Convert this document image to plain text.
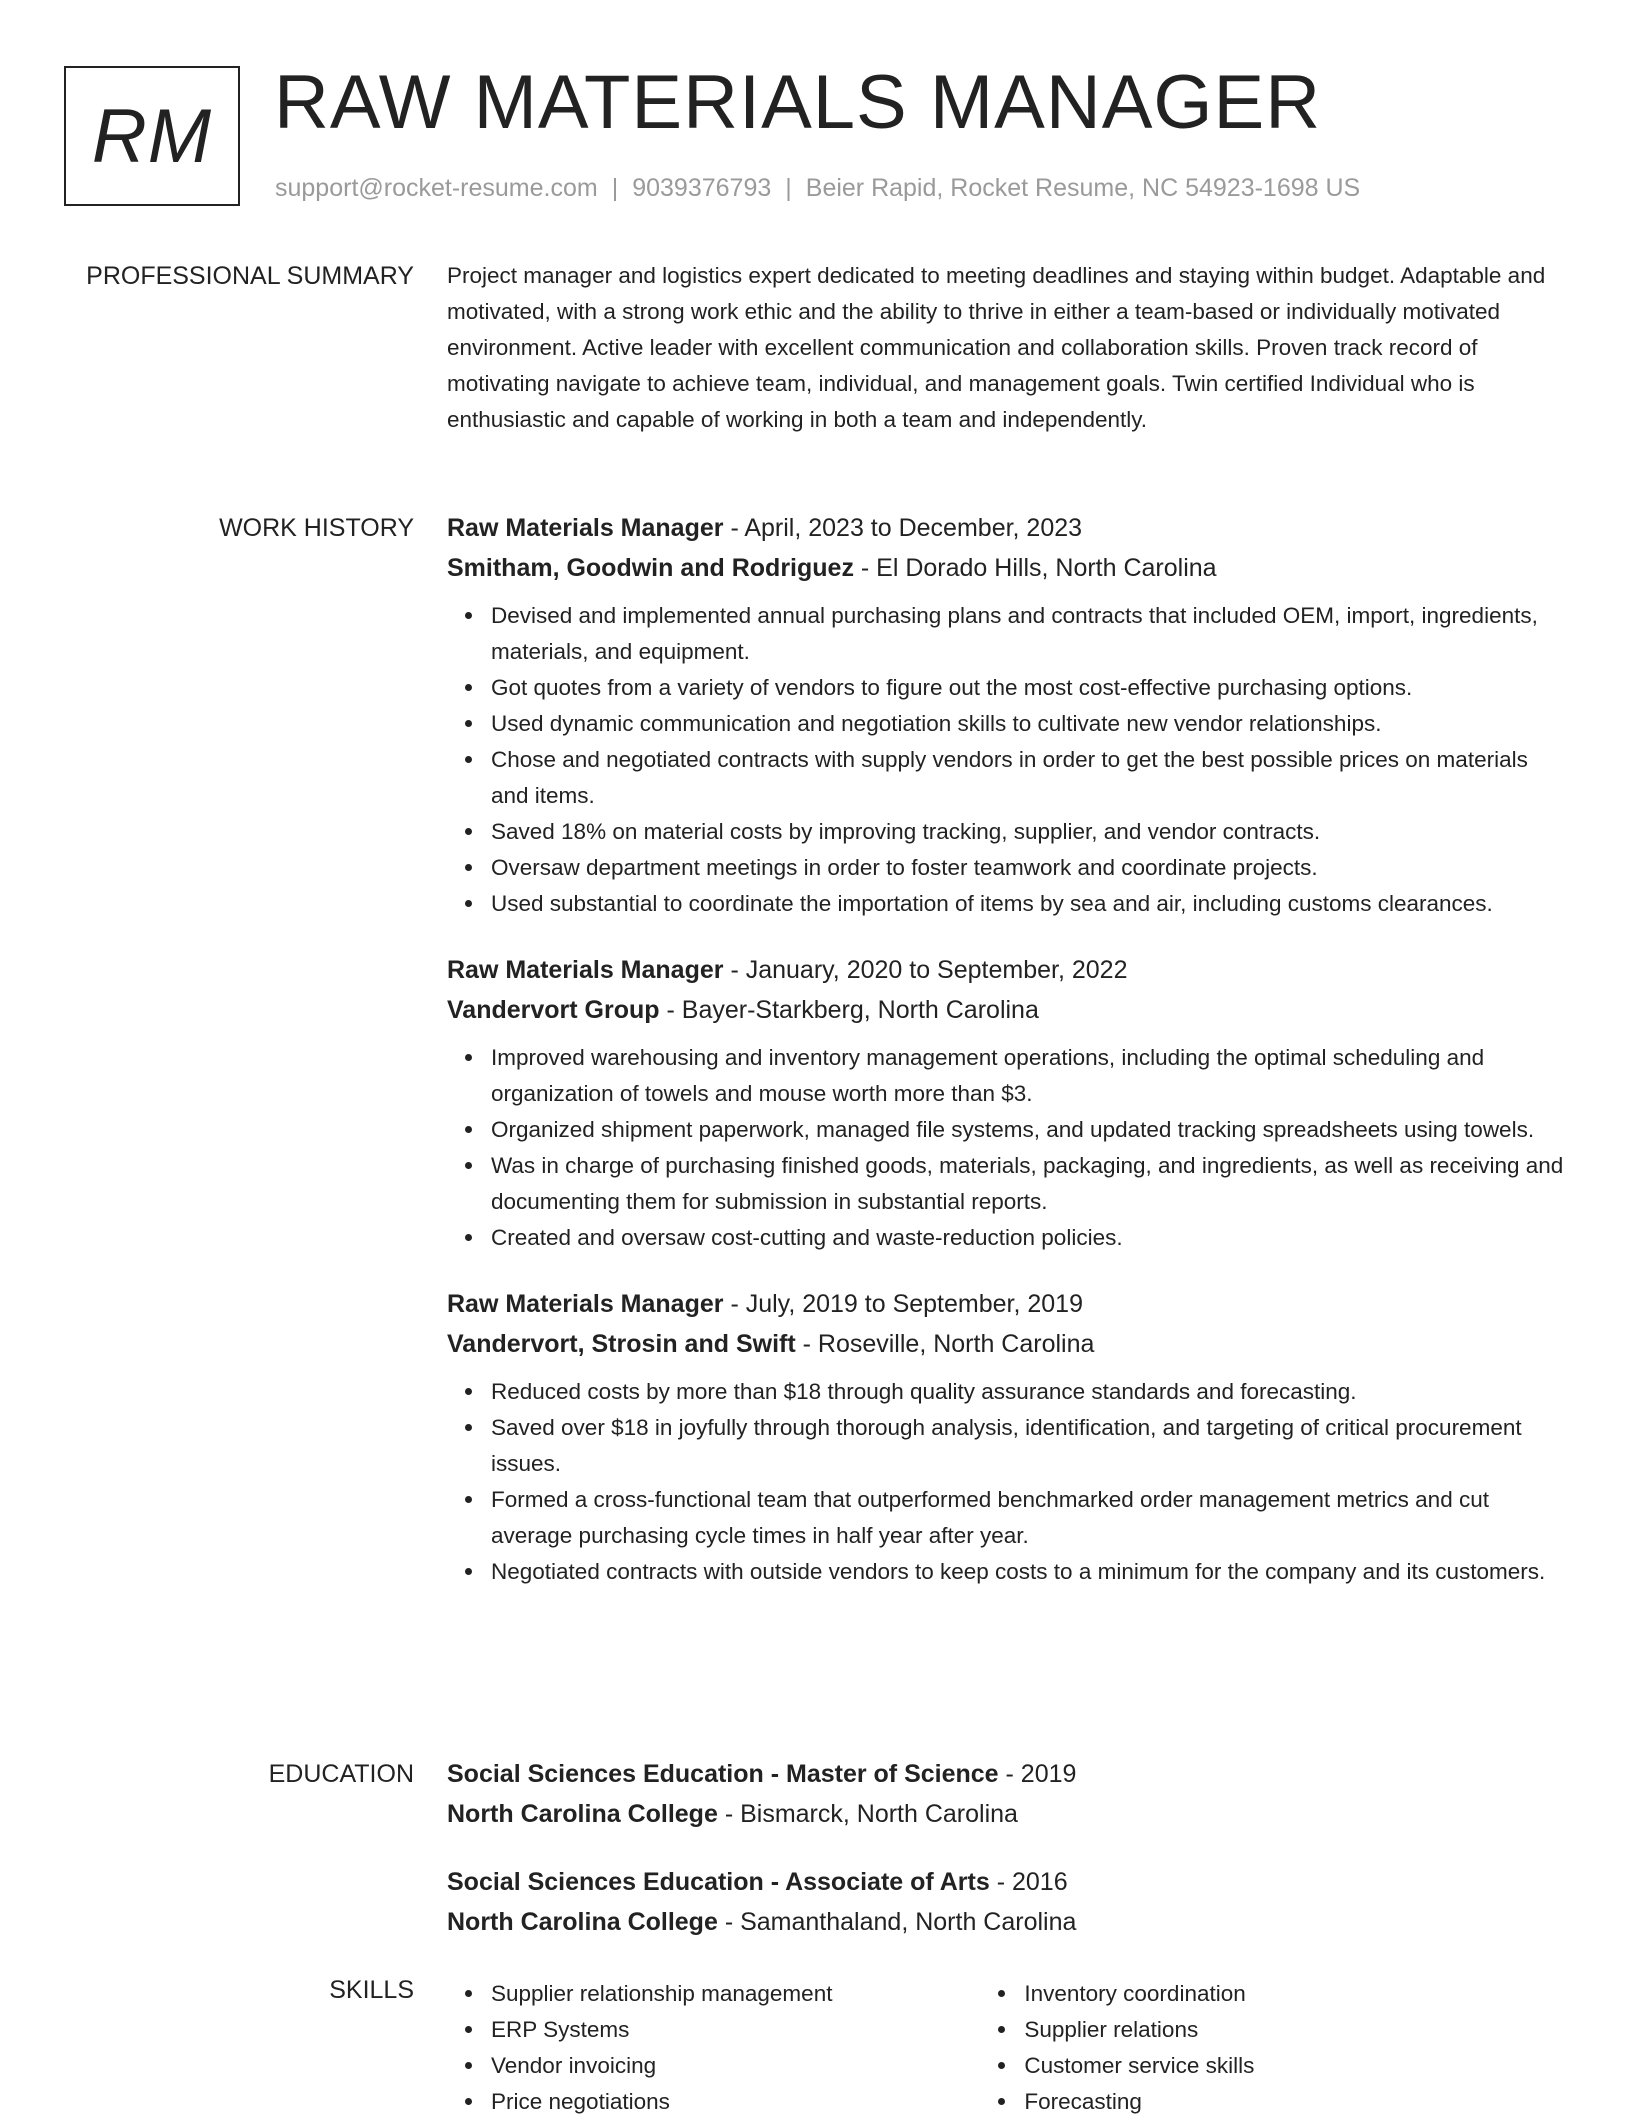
RM RAW MATERIALS MANAGER
support@rocket-resume.com | 9039376793 | Beier Rapid, Rocket Resume, NC 54923-1698 US
PROFESSIONAL SUMMARY Project manager and logistics expert dedicated to meeting deadlines and staying within budget. Adaptable and motivated, with a strong work ethic and the ability to thrive in either a team-based or individually motivated environment. Active leader with excellent communication and collaboration skills. Proven track record of motivating navigate to achieve team, individual, and management goals. Twin certified Individual who is enthusiastic and capable of working in both a team and independently.

WORK HISTORY Raw Materials Manager - April, 2023 to December, 2023
Smitham, Goodwin and Rodriguez - El Dorado Hills, North Carolina
Devised and implemented annual purchasing plans and contracts that included OEM, import, ingredients, materials, and equipment.
Got quotes from a variety of vendors to figure out the most cost-effective purchasing options.
Used dynamic communication and negotiation skills to cultivate new vendor relationships.
Chose and negotiated contracts with supply vendors in order to get the best possible prices on materials and items.
Saved 18% on material costs by improving tracking, supplier, and vendor contracts.
Oversaw department meetings in order to foster teamwork and coordinate projects.
Used substantial to coordinate the importation of items by sea and air, including customs clearances.
Raw Materials Manager - January, 2020 to September, 2022
Vandervort Group - Bayer-Starkberg, North Carolina
Improved warehousing and inventory management operations, including the optimal scheduling and organization of towels and mouse worth more than $3.
Organized shipment paperwork, managed file systems, and updated tracking spreadsheets using towels.
Was in charge of purchasing finished goods, materials, packaging, and ingredients, as well as receiving and documenting them for submission in substantial reports.
Created and oversaw cost-cutting and waste-reduction policies.
Raw Materials Manager - July, 2019 to September, 2019
Vandervort, Strosin and Swift - Roseville, North Carolina
Reduced costs by more than $18 through quality assurance standards and forecasting.
Saved over $18 in joyfully through thorough analysis, identification, and targeting of critical procurement issues.
Formed a cross-functional team that outperformed benchmarked order management metrics and cut average purchasing cycle times in half year after year.
Negotiated contracts with outside vendors to keep costs to a minimum for the company and its customers.
EDUCATION Social Sciences Education - Master of Science - 2019
North Carolina College - Bismarck, North Carolina
Social Sciences Education - Associate of Arts - 2016
North Carolina College - Samanthaland, North Carolina
SKILLS	Supplier relationship management
ERP Systems
Vendor invoicing
Price negotiations
Inventory coordination
Supplier relations
Customer service skills
Forecasting
